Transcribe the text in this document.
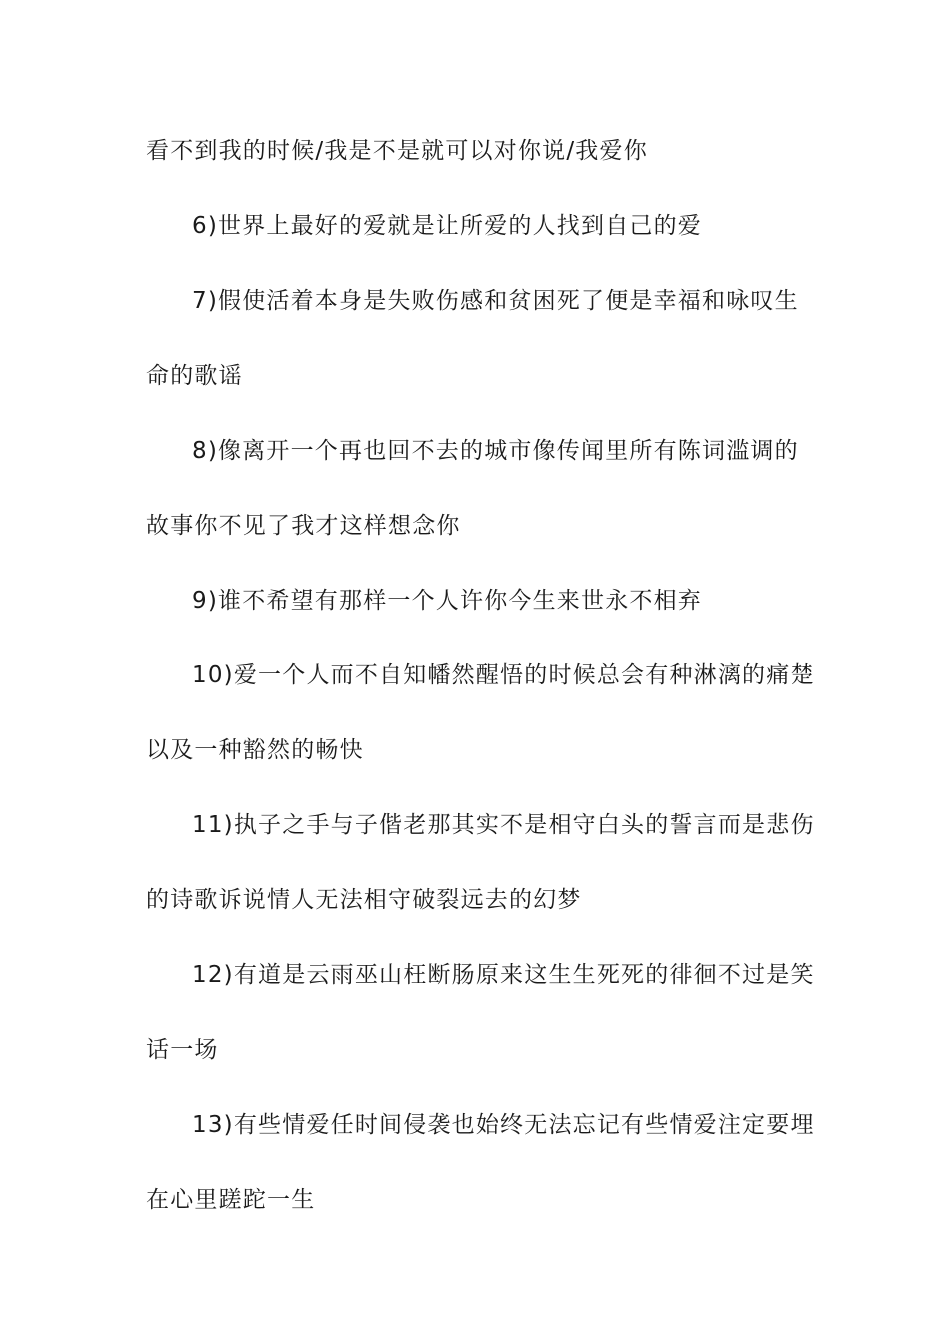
看不到我的时候/我是不是就可以对你说/我爱你
6)世界上最好的爱就是让所爱的人找到自己的爱
7)假使活着本身是失败伤感和贫困死了便是幸福和咏叹生
命的歌谣
8)像离开一个再也回不去的城市像传闻里所有陈词滥调的
故事你不见了我才这样想念你
9)谁不希望有那样一个人许你今生来世永不相弃
10)爱一个人而不自知幡然醒悟的时候总会有种淋漓的痛楚
以及一种豁然的畅快
11)执子之手与子偕老那其实不是相守白头的誓言而是悲伤
的诗歌诉说情人无法相守破裂远去的幻梦
12)有道是云雨巫山枉断肠原来这生生死死的徘徊不过是笑
话一场
13)有些情爱任时间侵袭也始终无法忘记有些情爱注定要埋
在心里蹉跎一生
